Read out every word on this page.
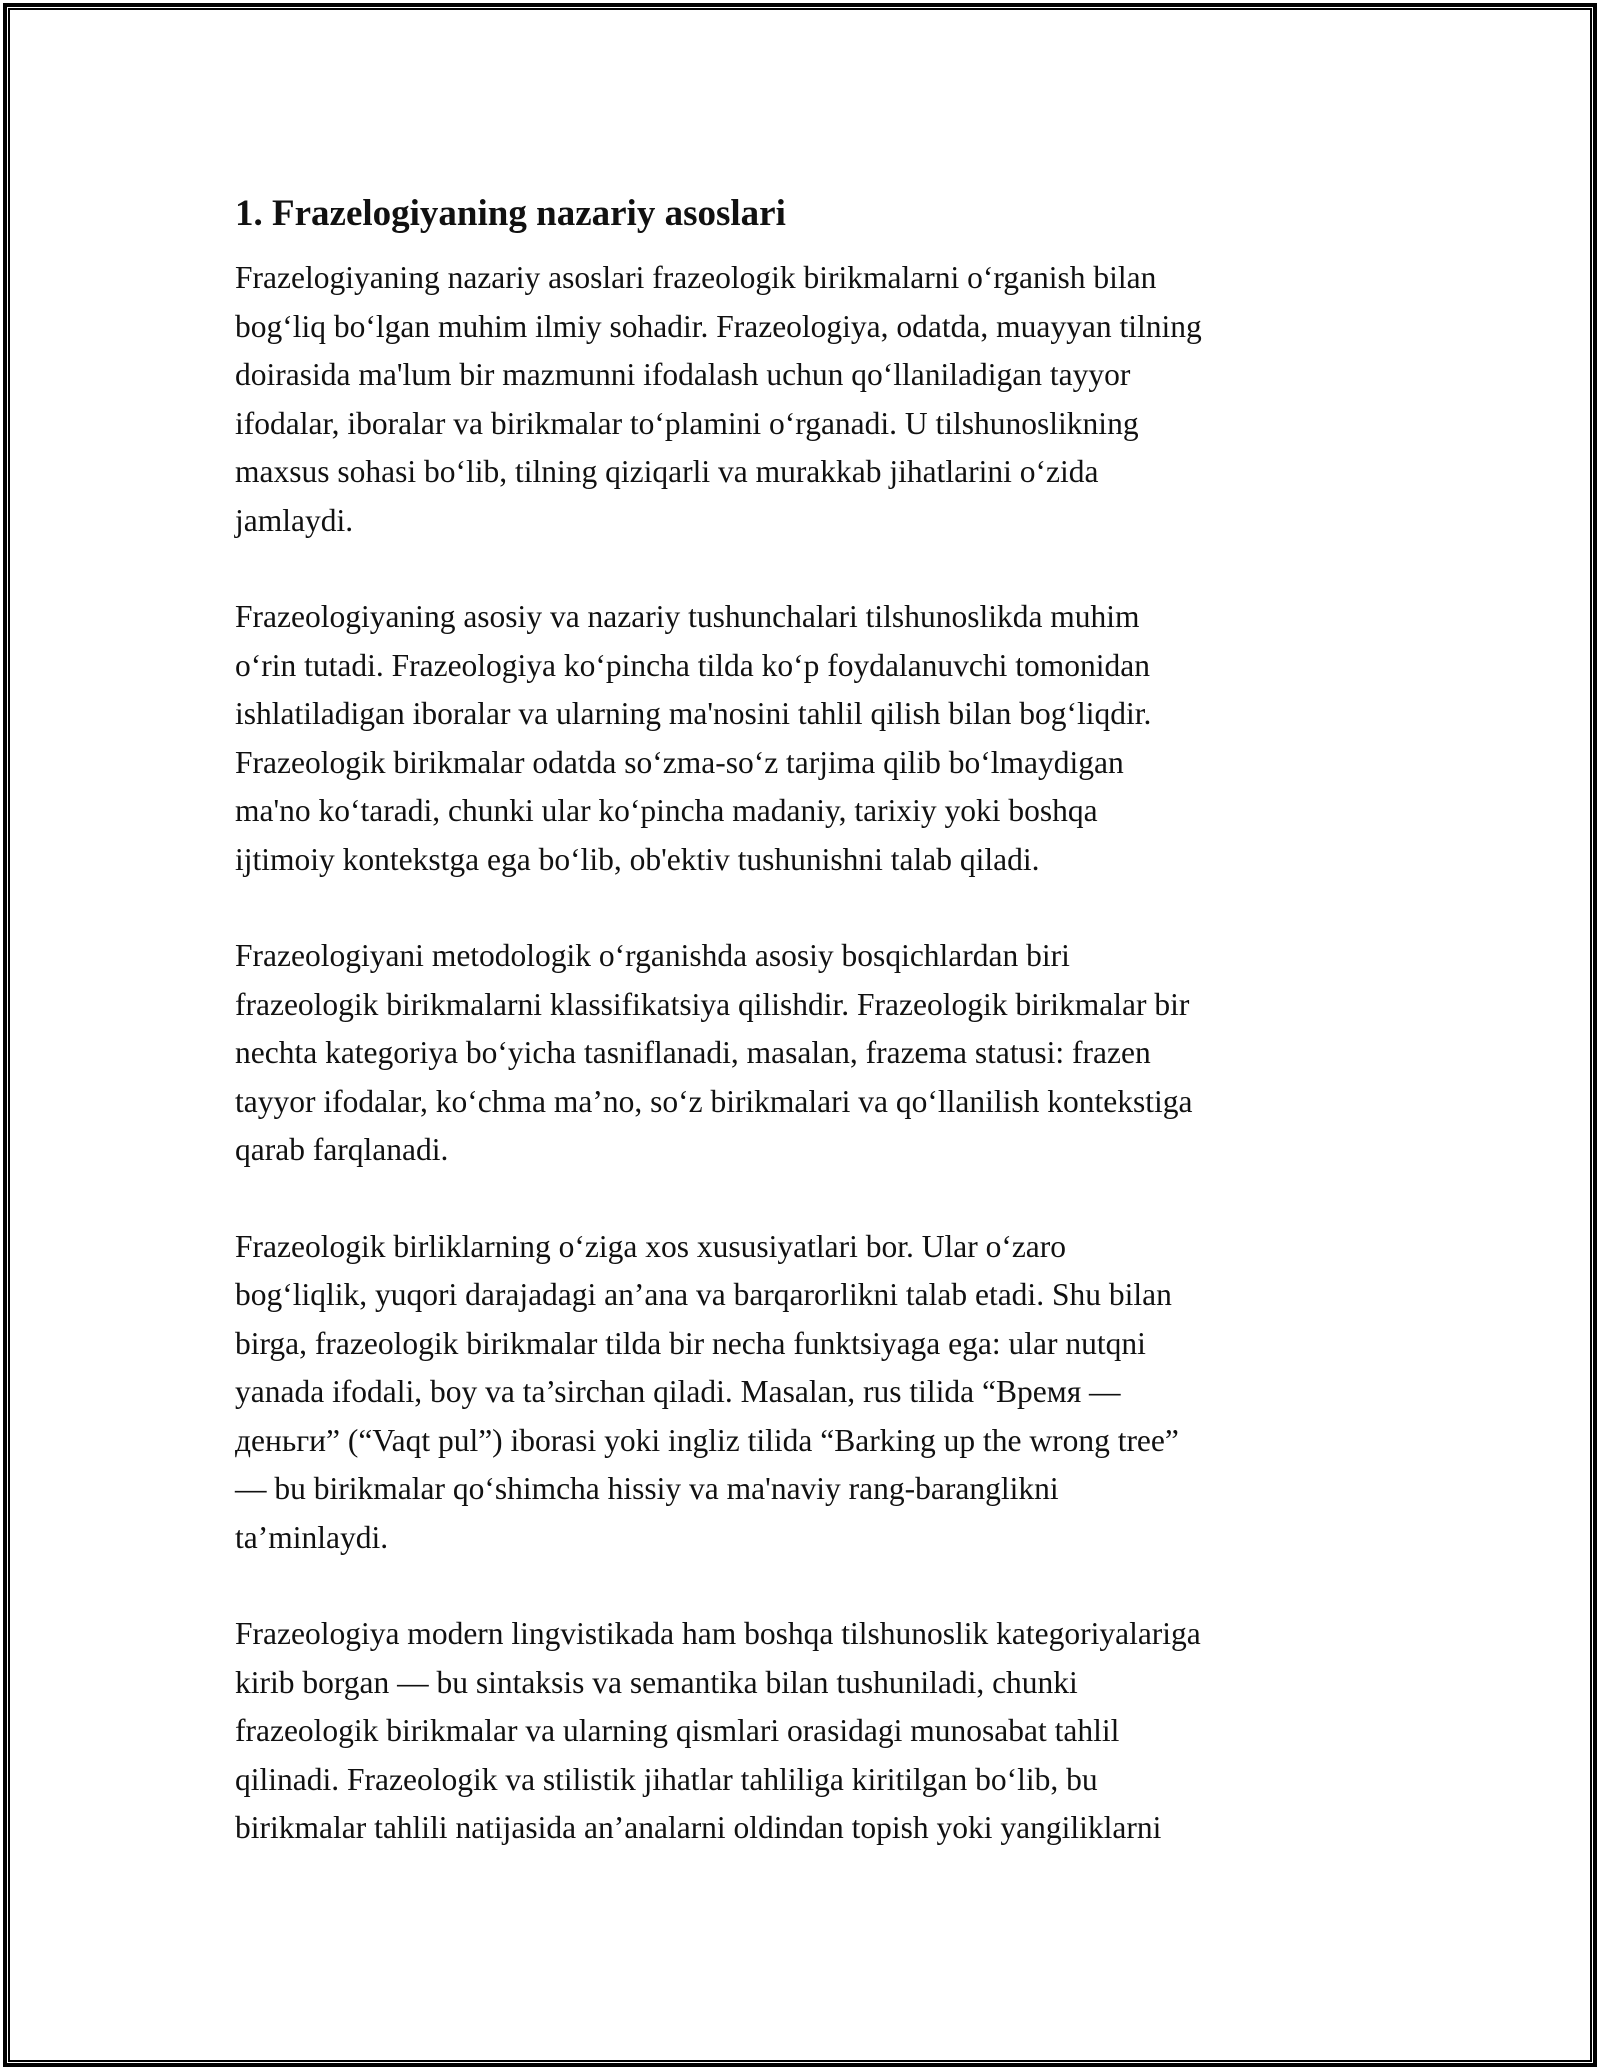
1. Frazelogiyaning nazariy asoslari

Frazelogiyaning nazariy asoslari frazeologik birikmalarni o‘rganish bilan
bog‘liq bo‘lgan muhim ilmiy sohadir. Frazeologiya, odatda, muayyan tilning
doirasida ma'lum bir mazmunni ifodalash uchun qo‘llaniladigan tayyor
ifodalar, iboralar va birikmalar to‘plamini o‘rganadi. U tilshunoslikning
maxsus sohasi bo‘lib, tilning qiziqarli va murakkab jihatlarini o‘zida
jamlaydi.

Frazeologiyaning asosiy va nazariy tushunchalari tilshunoslikda muhim
o‘rin tutadi. Frazeologiya ko‘pincha tilda ko‘p foydalanuvchi tomonidan
ishlatiladigan iboralar va ularning ma'nosini tahlil qilish bilan bog‘liqdir.
Frazeologik birikmalar odatda so‘zma-so‘z tarjima qilib bo‘lmaydigan
ma'no ko‘taradi, chunki ular ko‘pincha madaniy, tarixiy yoki boshqa
ijtimoiy kontekstga ega bo‘lib, ob'ektiv tushunishni talab qiladi.

Frazeologiyani metodologik o‘rganishda asosiy bosqichlardan biri
frazeologik birikmalarni klassifikatsiya qilishdir. Frazeologik birikmalar bir
nechta kategoriya bo‘yicha tasniflanadi, masalan, frazema statusi: frazen
tayyor ifodalar, ko‘chma ma’no, so‘z birikmalari va qo‘llanilish kontekstiga
qarab farqlanadi.

Frazeologik birliklarning o‘ziga xos xususiyatlari bor. Ular o‘zaro
bog‘liqlik, yuqori darajadagi an’ana va barqarorlikni talab etadi. Shu bilan
birga, frazeologik birikmalar tilda bir necha funktsiyaga ega: ular nutqni
yanada ifodali, boy va ta’sirchan qiladi. Masalan, rus tilida “Время —
деньги” (“Vaqt pul”) iborasi yoki ingliz tilida “Barking up the wrong tree”
— bu birikmalar qo‘shimcha hissiy va ma'naviy rang-baranglikni
ta’minlaydi.

Frazeologiya modern lingvistikada ham boshqa tilshunoslik kategoriyalariga
kirib borgan — bu sintaksis va semantika bilan tushuniladi, chunki
frazeologik birikmalar va ularning qismlari orasidagi munosabat tahlil
qilinadi. Frazeologik va stilistik jihatlar tahliliga kiritilgan bo‘lib, bu
birikmalar tahlili natijasida an’analarni oldindan topish yoki yangiliklarni
